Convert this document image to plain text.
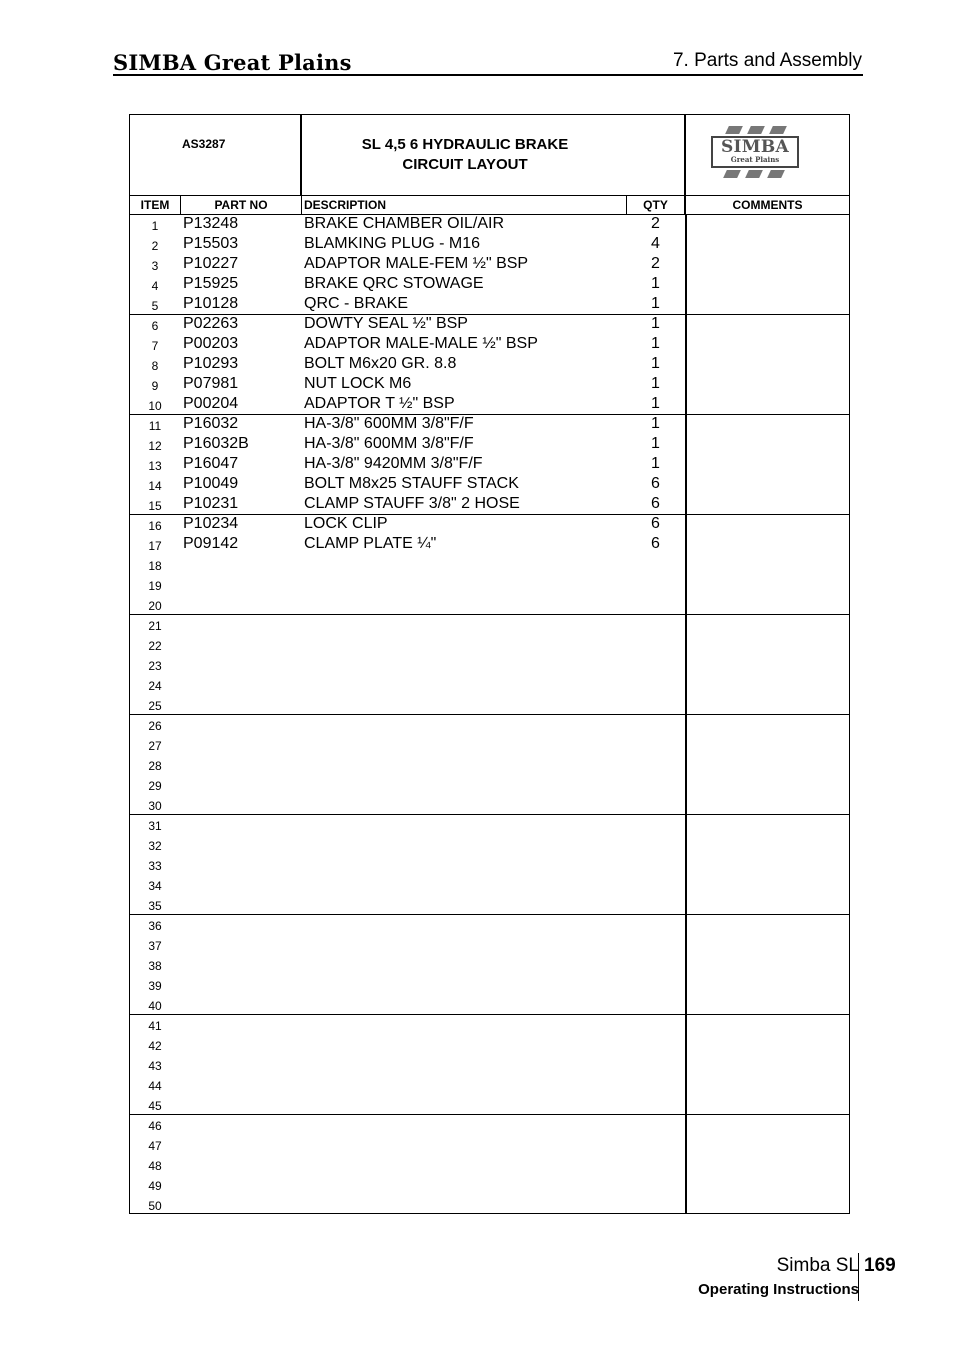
SIMBA Great Plains	7. Parts and Assembly
AS3287	SL 4,5 6 HYDRAULIC BRAKE
CIRCUIT LAYOUT
SIMBA
Great Plains
ITEM	PART NO	DESCRIPTION	QTY	COMMENTS
1	P13248	BRAKE CHAMBER OIL/AIR	2
2	P15503	BLAMKING PLUG - M16	4
3	P10227	ADAPTOR MALE-FEM ½" BSP	2
4	P15925	BRAKE QRC STOWAGE	1
5	P10128	QRC - BRAKE	1
6	P02263	DOWTY SEAL ½" BSP	1
7	P00203	ADAPTOR MALE-MALE ½" BSP	1
8	P10293	BOLT M6x20 GR. 8.8	1
9	P07981	NUT LOCK M6	1
10	P00204	ADAPTOR T ½" BSP	1
11	P16032	HA-3/8" 600MM 3/8"F/F	1
12	P16032B	HA-3/8" 600MM 3/8"F/F	1
13	P16047	HA-3/8" 9420MM 3/8"F/F	1
14	P10049	BOLT M8x25 STAUFF STACK	6
15	P10231	CLAMP STAUFF 3/8" 2 HOSE	6
16	P10234	LOCK CLIP	6
17	P09142	CLAMP PLATE ¼"	6
18
19
20
21
22
23
24
25
26
27
28
29
30
31
32
33
34
35
36
37
38
39
40
41
42
43
44
45
46
47
48
49
50
Simba SL
Operating Instructions
169
